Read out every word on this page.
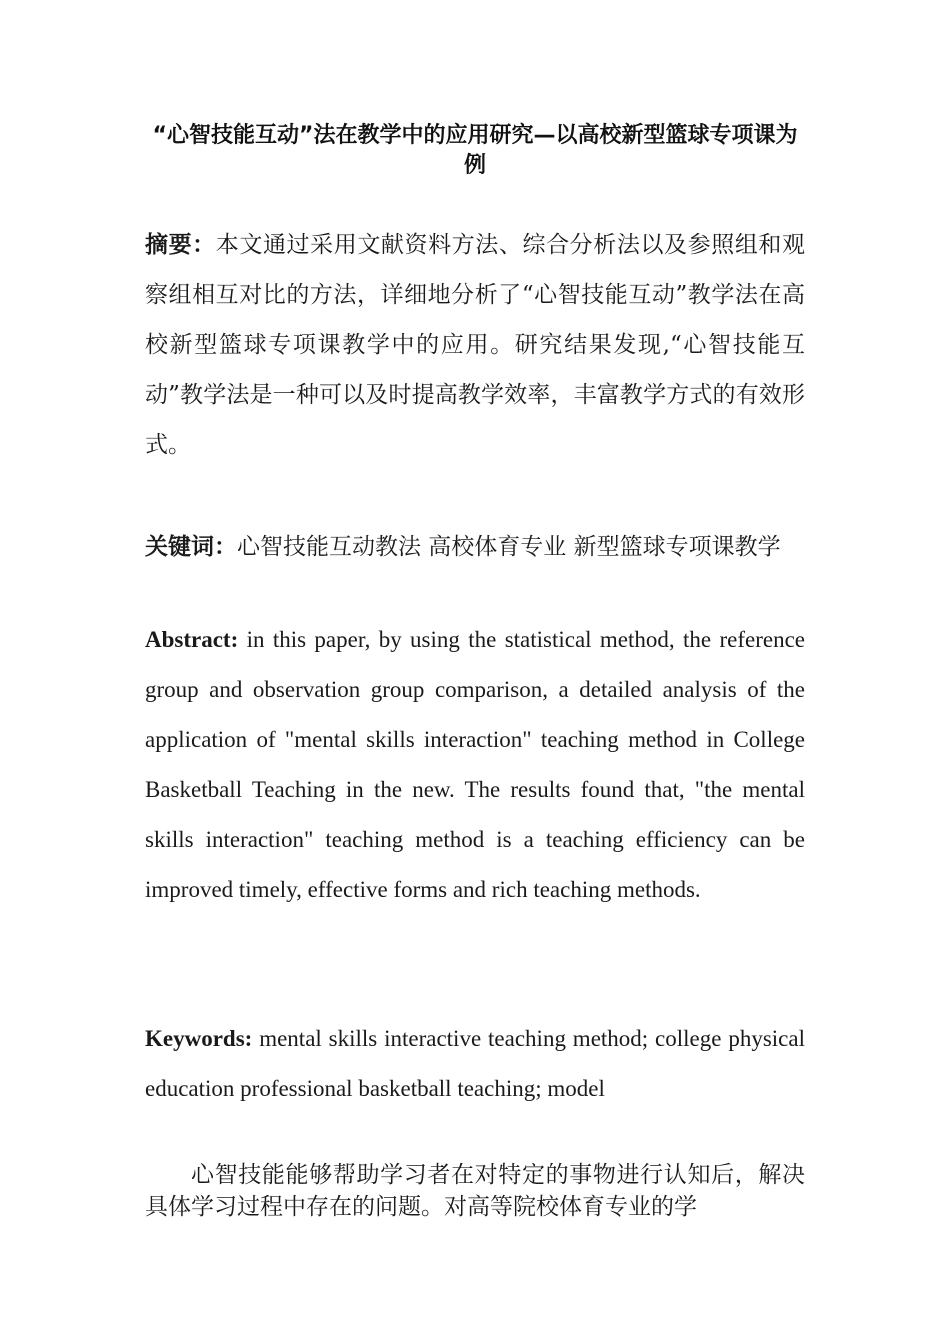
“心智技能互动”法在教学中的应用研究—以高校新型篮球专项课为例
摘要：本文通过采用文献资料方法、综合分析法以及参照组和观察组相互对比的方法，详细地分析了“心智技能互动”教学法在高校新型篮球专项课教学中的应用。研究结果发现,“心智技能互动”教学法是一种可以及时提高教学效率，丰富教学方式的有效形式。
关键词：心智技能互动教法 高校体育专业 新型篮球专项课教学
Abstract: in this paper, by using the statistical method, the reference group and observation group comparison, a detailed analysis of the application of "mental skills interaction" teaching method in College Basketball Teaching in the new. The results found that, "the mental skills interaction" teaching method is a teaching efficiency can be improved timely, effective forms and rich teaching methods.
Keywords: mental skills interactive teaching method; college physical education professional basketball teaching; model
心智技能能够帮助学习者在对特定的事物进行认知后，解决具体学习过程中存在的问题。对高等院校体育专业的学
